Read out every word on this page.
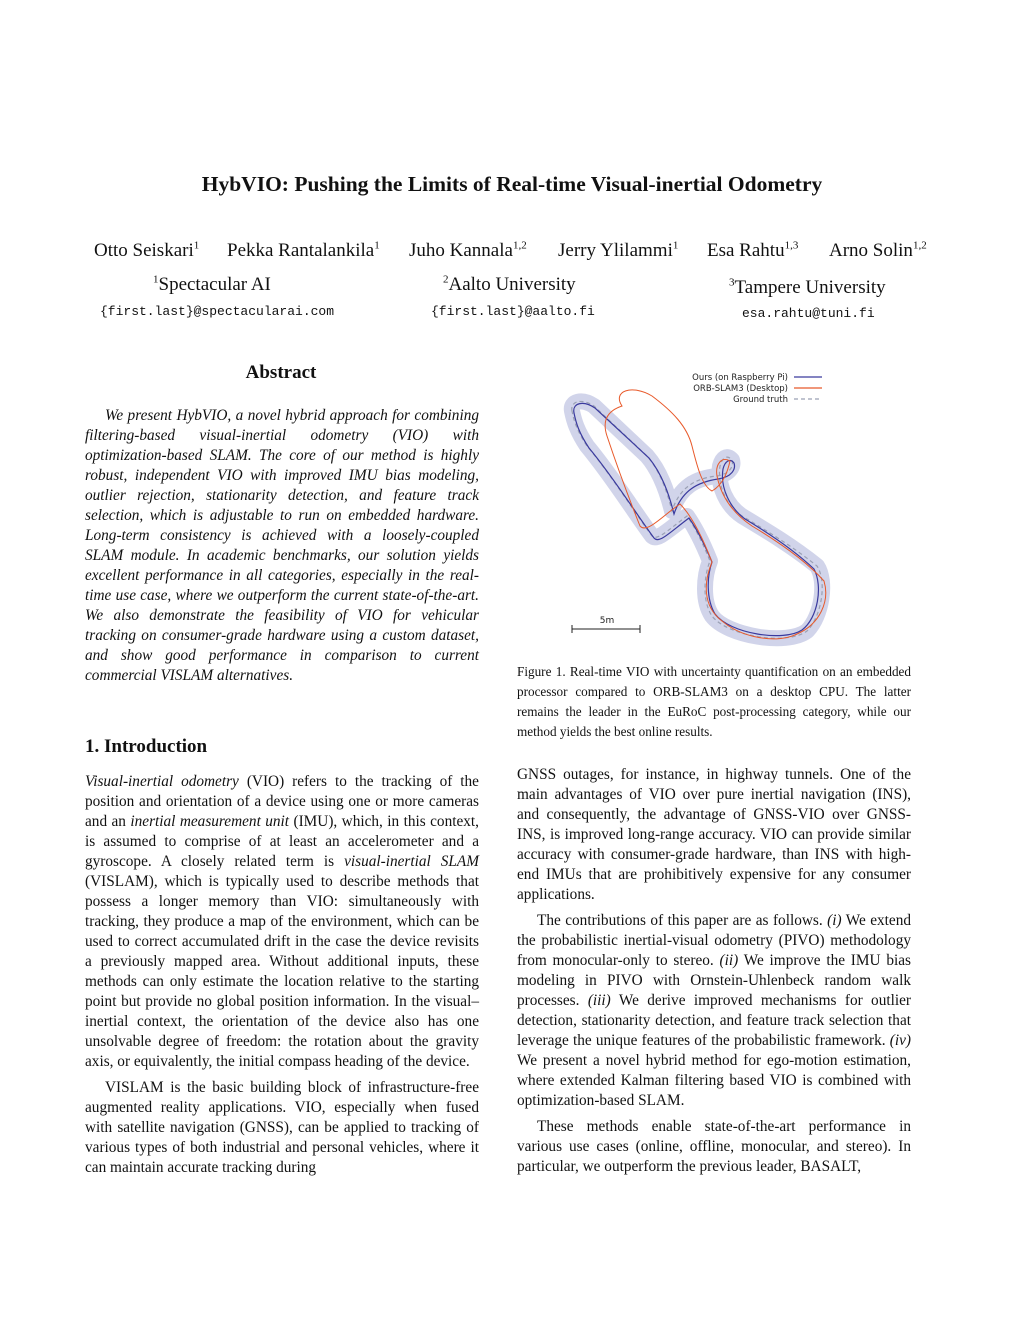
HybVIO: Pushing the Limits of Real-time Visual-inertial Odometry
Otto Seiskari$^1$ Pekka Rantalankila$^1$ Juho Kannala$^{1,2}$ Jerry Ylilammi$^1$ Esa Rahtu$^{1,3}$ Arno Solin$^{1,2}$
$^1$Spectacular AI	$^2$Aalto University	$^3$Tampere University
{first.last}@spectacularai.com	{first.last}@aalto.fi	esa.rahtu@tuni.fi
Abstract

We present HybVIO, a novel hybrid approach for combining filtering-based visual-inertial odometry (VIO) with optimization-based SLAM. The core of our method is highly robust, independent VIO with improved IMU bias modeling, outlier rejection, stationarity detection, and feature track selection, which is adjustable to run on embedded hardware. Long-term consistency is achieved with a loosely-coupled SLAM module. In academic benchmarks, our solution yields excellent performance in all categories, especially in the real-time use case, where we outperform the current state-of-the-art. We also demonstrate the feasibility of VIO for vehicular tracking on consumer-grade hardware using a custom dataset, and show good performance in comparison to current commercial VISLAM alternatives.

1. Introduction

Visual-inertial odometry (VIO) refers to the tracking of the position and orientation of a device using one or more cameras and an inertial measurement unit (IMU), which, in this context, is assumed to comprise of at least an accelerometer and a gyroscope. A closely related term is visual-inertial SLAM (VISLAM), which is typically used to describe methods that possess a longer memory than VIO: simultaneously with tracking, they produce a map of the environment, which can be used to correct accumulated drift in the case the device revisits a previously mapped area. Without additional inputs, these methods can only estimate the location relative to the starting point but provide no global position information. In the visual–inertial context, the orientation of the device also has one unsolvable degree of freedom: the rotation about the gravity axis, or equivalently, the initial compass heading of the device.

VISLAM is the basic building block of infrastructure-free augmented reality applications. VIO, especially when fused with satellite navigation (GNSS), can be applied to tracking of various types of both industrial and personal vehicles, where it can maintain accurate tracking during

GNSS outages, for instance, in highway tunnels. One of the main advantages of VIO over pure inertial navigation (INS), and consequently, the advantage of GNSS-VIO over GNSS-INS, is improved long-range accuracy. VIO can provide similar accuracy with consumer-grade hardware, than INS with high-end IMUs that are prohibitively expensive for any consumer applications.

The contributions of this paper are as follows. (i) We extend the probabilistic inertial-visual odometry (PIVO) methodology from monocular-only to stereo. (ii) We improve the IMU bias modeling in PIVO with Ornstein-Uhlenbeck random walk processes. (iii) We derive improved mechanisms for outlier detection, stationarity detection, and feature track selection that leverage the unique features of the probabilistic framework. (iv) We present a novel hybrid method for ego-motion estimation, where extended Kalman filtering based VIO is combined with optimization-based SLAM.

These methods enable state-of-the-art performance in various use cases (online, offline, monocular, and stereo). In particular, we outperform the previous leader, BASALT,

Ours (on Raspberry Pi)
ORB-SLAM3 (Desktop)
Ground truth
5m
Figure 1. Real-time VIO with uncertainty quantification on an embedded processor compared to ORB-SLAM3 on a desktop CPU. The latter remains the leader in the EuRoC post-processing category, while our method yields the best online results.
